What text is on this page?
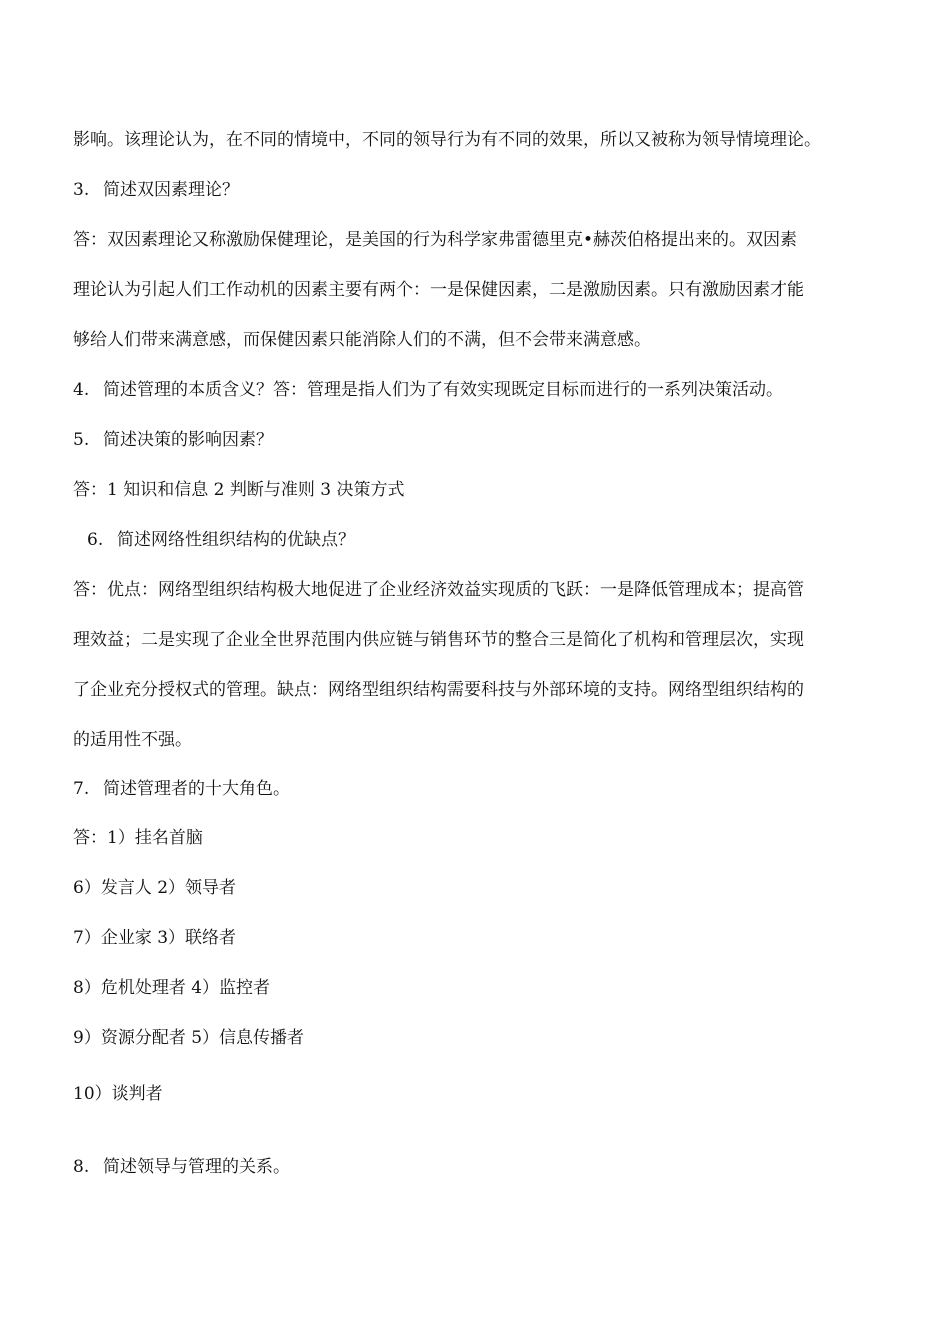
影响。该理论认为，在不同的情境中，不同的领导行为有不同的效果，所以又被称为领导情境理论。
3. 简述双因素理论？
答：双因素理论又称激励保健理论，是美国的行为科学家弗雷德里克•赫茨伯格提出来的。双因素
理论认为引起人们工作动机的因素主要有两个：一是保健因素，二是激励因素。只有激励因素才能
够给人们带来满意感，而保健因素只能消除人们的不满，但不会带来满意感。
4. 简述管理的本质含义？答：管理是指人们为了有效实现既定目标而进行的一系列决策活动。
5. 简述决策的影响因素？
答：1 知识和信息 2 判断与准则 3 决策方式
6. 简述网络性组织结构的优缺点？
答：优点：网络型组织结构极大地促进了企业经济效益实现质的飞跃：一是降低管理成本；提高管
理效益；二是实现了企业全世界范围内供应链与销售环节的整合三是简化了机构和管理层次，实现
了企业充分授权式的管理。缺点：网络型组织结构需要科技与外部环境的支持。网络型组织结构的
的适用性不强。
7. 简述管理者的十大角色。
答：1）挂名首脑
6）发言人 2）领导者
7）企业家 3）联络者
8）危机处理者 4）监控者
9）资源分配者 5）信息传播者
10）谈判者
8. 简述领导与管理的关系。
